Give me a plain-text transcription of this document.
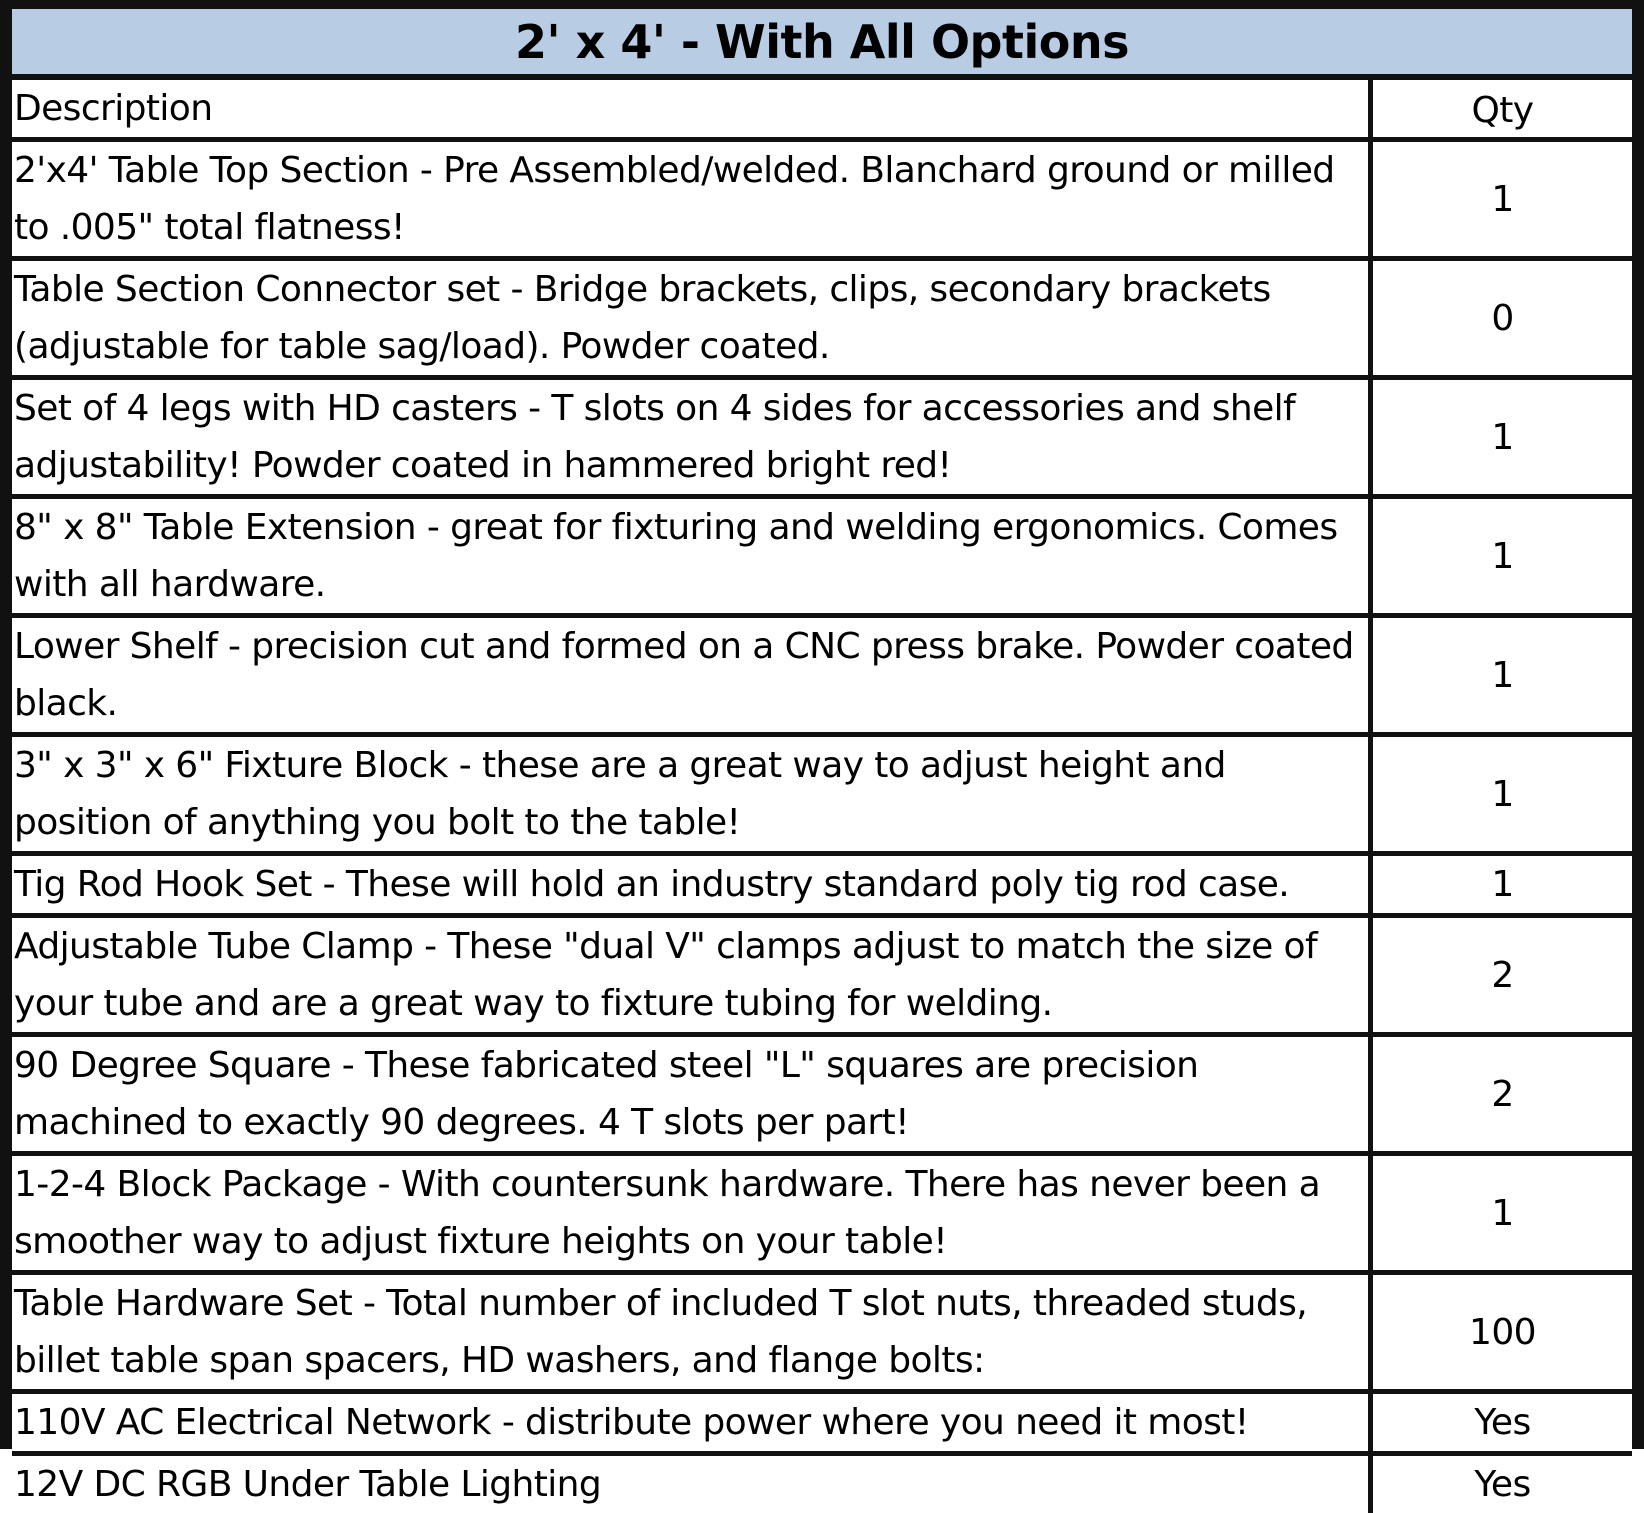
2' x 4' - With All Options
Description	Qty
2'x4' Table Top Section - Pre Assembled/welded. Blanchard ground or milled to .005" total flatness!	1
Table Section Connector set - Bridge brackets, clips, secondary brackets (adjustable for table sag/load). Powder coated.	0
Set of 4 legs with HD casters - T slots on 4 sides for accessories and shelf adjustability! Powder coated in hammered bright red!	1
8" x 8" Table Extension - great for fixturing and welding ergonomics. Comes with all hardware.	1
Lower Shelf - precision cut and formed on a CNC press brake. Powder coated black.	1
3" x 3" x 6" Fixture Block - these are a great way to adjust height and position of anything you bolt to the table!	1
Tig Rod Hook Set - These will hold an industry standard poly tig rod case.	1
Adjustable Tube Clamp - These "dual V" clamps adjust to match the size of your tube and are a great way to fixture tubing for welding.	2
90 Degree Square - These fabricated steel "L" squares are precision machined to exactly 90 degrees. 4 T slots per part!	2
1-2-4 Block Package - With countersunk hardware. There has never been a smoother way to adjust fixture heights on your table!	1
Table Hardware Set - Total number of included T slot nuts, threaded studs, billet table span spacers, HD washers, and flange bolts:	100
110V AC Electrical Network - distribute power where you need it most!	Yes
12V DC RGB Under Table Lighting	Yes
